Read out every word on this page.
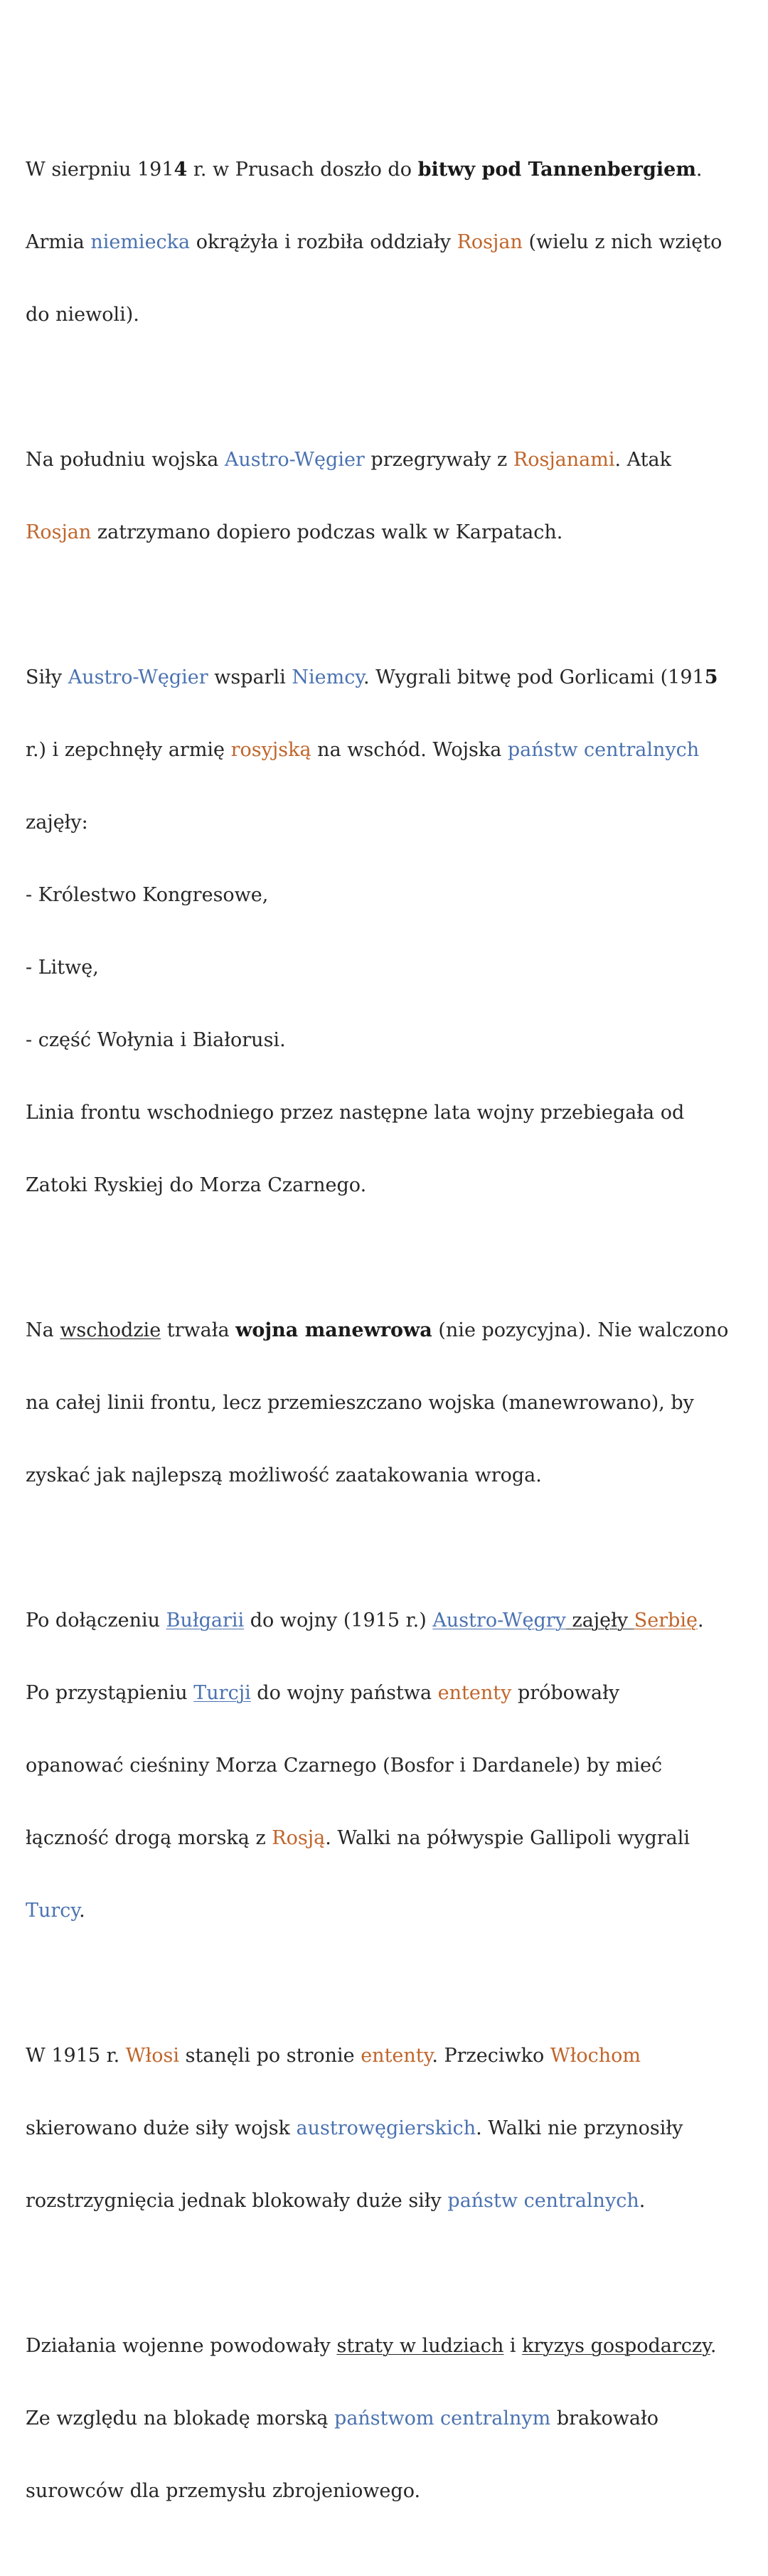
W sierpniu 1914 r. w Prusach doszło do bitwy pod Tannenbergiem.

Armia niemiecka okrążyła i rozbiła oddziały Rosjan (wielu z nich wzięto

do niewoli).

Na południu wojska Austro-Węgier przegrywały z Rosjanami. Atak

Rosjan zatrzymano dopiero podczas walk w Karpatach.

Siły Austro-Węgier wsparli Niemcy. Wygrali bitwę pod Gorlicami (1915

r.) i zepchnęły armię rosyjską na wschód. Wojska państw centralnych

zajęły:

- Królestwo Kongresowe,

- Litwę,

- część Wołynia i Białorusi.

Linia frontu wschodniego przez następne lata wojny przebiegała od

Zatoki Ryskiej do Morza Czarnego.

Na wschodzie trwała wojna manewrowa (nie pozycyjna). Nie walczono

na całej linii frontu, lecz przemieszczano wojska (manewrowano), by

zyskać jak najlepszą możliwość zaatakowania wroga.

Po dołączeniu Bułgarii do wojny (1915 r.) Austro-Węgry zajęły Serbię.

Po przystąpieniu Turcji do wojny państwa ententy próbowały

opanować cieśniny Morza Czarnego (Bosfor i Dardanele) by mieć

łączność drogą morską z Rosją. Walki na półwyspie Gallipoli wygrali

Turcy.

W 1915 r. Włosi stanęli po stronie ententy. Przeciwko Włochom

skierowano duże siły wojsk austrowęgierskich. Walki nie przynosiły

rozstrzygnięcia jednak blokowały duże siły państw centralnych.

Działania wojenne powodowały straty w ludziach i kryzys gospodarczy.

Ze względu na blokadę morską państwom centralnym brakowało

surowców dla przemysłu zbrojeniowego.
